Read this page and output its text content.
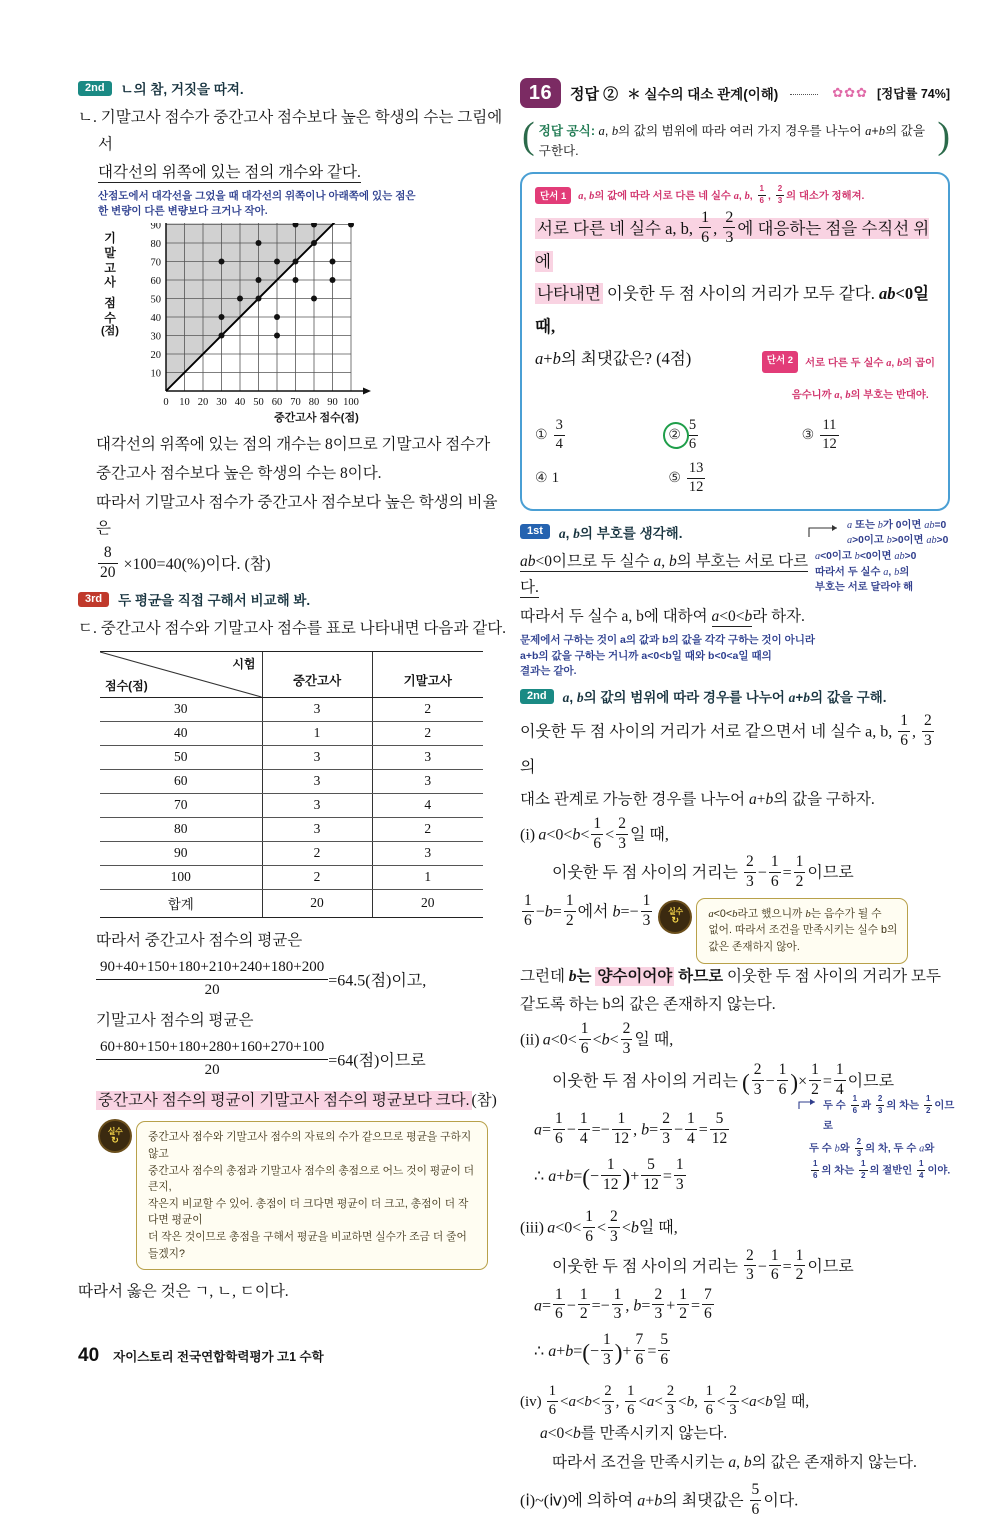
2nd	ㄴ의 참, 거짓을 따져.

ㄴ. 기말고사 점수가 중간고사 점수보다 높은 학생의 수는 그림에서

대각선의 위쪽에 있는 점의 개수와 같다.

산점도에서 대각선을 그었을 때 대각선의 위쪽이나 아래쪽에 있는 점은
한 변량이 다른 변량보다 크거나 작아.
기
말
고
사
점
수
(점)
10
20
30
40
50
60
70
80
90
0 10 20 30 40 50 60 70 80 90 100
중간고사 점수(점)

대각선의 위쪽에 있는 점의 개수는 8이므로 기말고사 점수가

중간고사 점수보다 높은 학생의 수는 8이다.

따라서 기말고사 점수가 중간고사 점수보다 높은 학생의 비율은

$\frac{8}{20} \times 100=40(\%)$이다. (참)

3rd	두 평균을 직접 구해서 비교해 봐.

ㄷ. 중간고사 점수와 기말고사 점수를 표로 나타내면 다음과 같다.

시험
점수(점)	중간고사	기말고사
30	3	2
40	1	2
50	3	3
60	3	3
70	3	4
80	3	2
90	2	3
100	2	1
합계	20	20

따라서 중간고사 점수의 평균은

$\frac{90+40+150+180+210+240+180+200}{20} =64.5$(점)이고,

기말고사 점수의 평균은

$\frac{60+80+150+180+280+160+270+100}{20} =64$(점)이므로

중간고사 점수의 평균이 기말고사 점수의 평균보다 크다. (참)

실수
↻	중간고사 점수와 기말고사 점수의 자료의 수가 같으므로 평균을 구하지 않고
중간고사 점수의 총점과 기말고사 점수의 총점으로 어느 것이 평균이 더 큰지,
작은지 비교할 수 있어. 총점이 더 크다면 평균이 더 크고, 총점이 더 작다면 평균이
더 작은 것이므로 총점을 구해서 평균을 비교하면 실수가 조금 더 줄어들겠지?
따라서 옳은 것은 ㄱ, ㄴ, ㄷ이다.
16	정답 ② ＊ 실수의 대소 관계(이해)	✿✿✿ [정답률 74%]
( 정답 공식: a, b의 값의 범위에 따라 여러 가지 경우를 나누어 a+b의 값을
구한다.	)
단서 1 a, b의 값에 따라 서로 다른 네 실수 a, b, $\frac{1}{6}$ , $\frac{2}{3}$ 의 대소가 정해져.
서로 다른 네 실수 a, b, $\frac{1}{6}$ , $\frac{2}{3}$ 에 대응하는 점을 수직선 위에
나타내면 이웃한 두 점 사이의 거리가 모두 같다. ab<0일 때,

a+b의 최댓값은? (4점)	단서 2 서로 다른 두 실수 a, b의 곱이
음수니까 a, b의 부호는 반대야.
① $\frac{3}{4}$	② $\frac{5}{6}$	③ $\frac{11}{12}$
④ 1	⑤ $\frac{13}{12}$
1st	a, b의 부호를 생각해.

ab<0이므로 두 실수 a, b의 부호는 서로 다르다.

따라서 두 실수 a, b에 대하여 a<0<b라 하자.

문제에서 구하는 것이 a의 값과 b의 값을 각각 구하는 것이 아니라
a+b의 값을 구하는 거니까 a<0<b일 때와 b<0<a일 때의
결과는 같아.
a 또는 b가 0이면 ab=0
a>0이고 b>0이면 ab>0
a<0이고 b<0이면 ab>0
따라서 두 실수 a, b의
부호는 서로 달라야 해
2nd	a, b의 값의 범위에 따라 경우를 나누어 a+b의 값을 구해.

이웃한 두 점 사이의 거리가 서로 같으면서 네 실수 a, b, $\frac{1}{6}$ , $\frac{2}{3}$
의

대소 관계로 가능한 경우를 나누어 a+b의 값을 구하자.

(i)  $a<0<b< \frac{1}{6} < \frac{2}{3}$ 일 때,

이웃한 두 점 사이의 거리는 $\frac{2}{3} - \frac{1}{6} = \frac{1}{2}$ 이므로

$\frac{1}{6} -b= \frac{1}{2}$ 에서 $b=- \frac{1}{3}$ 실수
↻
a<0<b라고 했으니까 b는 음수가 될 수
없어. 따라서 조건을 만족시키는 실수 b의
값은 존재하지 않아.

그런데 b는 양수이어야 하므로 이웃한 두 점 사이의 거리가 모두

같도록 하는 b의 값은 존재하지 않는다.

(ii)  $a<0< \frac{1}{6} <b< \frac{2}{3}$ 일 때,

이웃한 두 점 사이의 거리는 ( $\frac{2}{3} - \frac{1}{6}$ )× $\frac{1}{2} = \frac{1}{4}$ 이므로

$a= \frac{1}{6} - \frac{1}{4} =- \frac{1}{12}$ , $b= \frac{2}{3} - \frac{1}{4} = \frac{5}{12}$

∴ $a+b=(- \frac{1}{12}$ )+ $\frac{5}{12} = \frac{1}{3}$

두 수 $\frac{1}{6}$ 과 $\frac{2}{3}$ 의 차는 $\frac{1}{2}$ 이므로
두 수 b와 $\frac{2}{3}$ 의 차, 두 수 a와
$\frac{1}{6}$ 의 차는 $\frac{1}{2}$ 의 절반인 $\frac{1}{4}$ 이야.

(iii)  $a<0< \frac{1}{6} < \frac{2}{3} <b$일 때,

이웃한 두 점 사이의 거리는 $\frac{2}{3} - \frac{1}{6} = \frac{1}{2}$ 이므로

$a= \frac{1}{6} - \frac{1}{2} =- \frac{1}{3}$ , $b= \frac{2}{3} + \frac{1}{2} = \frac{7}{6}$

∴ $a+b=(- \frac{1}{3}$ )+ $\frac{7}{6} = \frac{5}{6}$

$(iv) \frac{1}{6} <a<b< \frac{2}{3}$ , $\frac{1}{6} <a< \frac{2}{3} <b$, $\frac{1}{6} < \frac{2}{3} <a<b$일 때,

a<0<b를 만족시키지 않는다.

따라서 조건을 만족시키는 a, b의 값은 존재하지 않는다.

(ⅰ)~(ⅳ)에 의하여 a+b의 최댓값은 $\frac{5}{6}$ 이다.

40 자이스토리 전국연합학력평가 고1 수학
